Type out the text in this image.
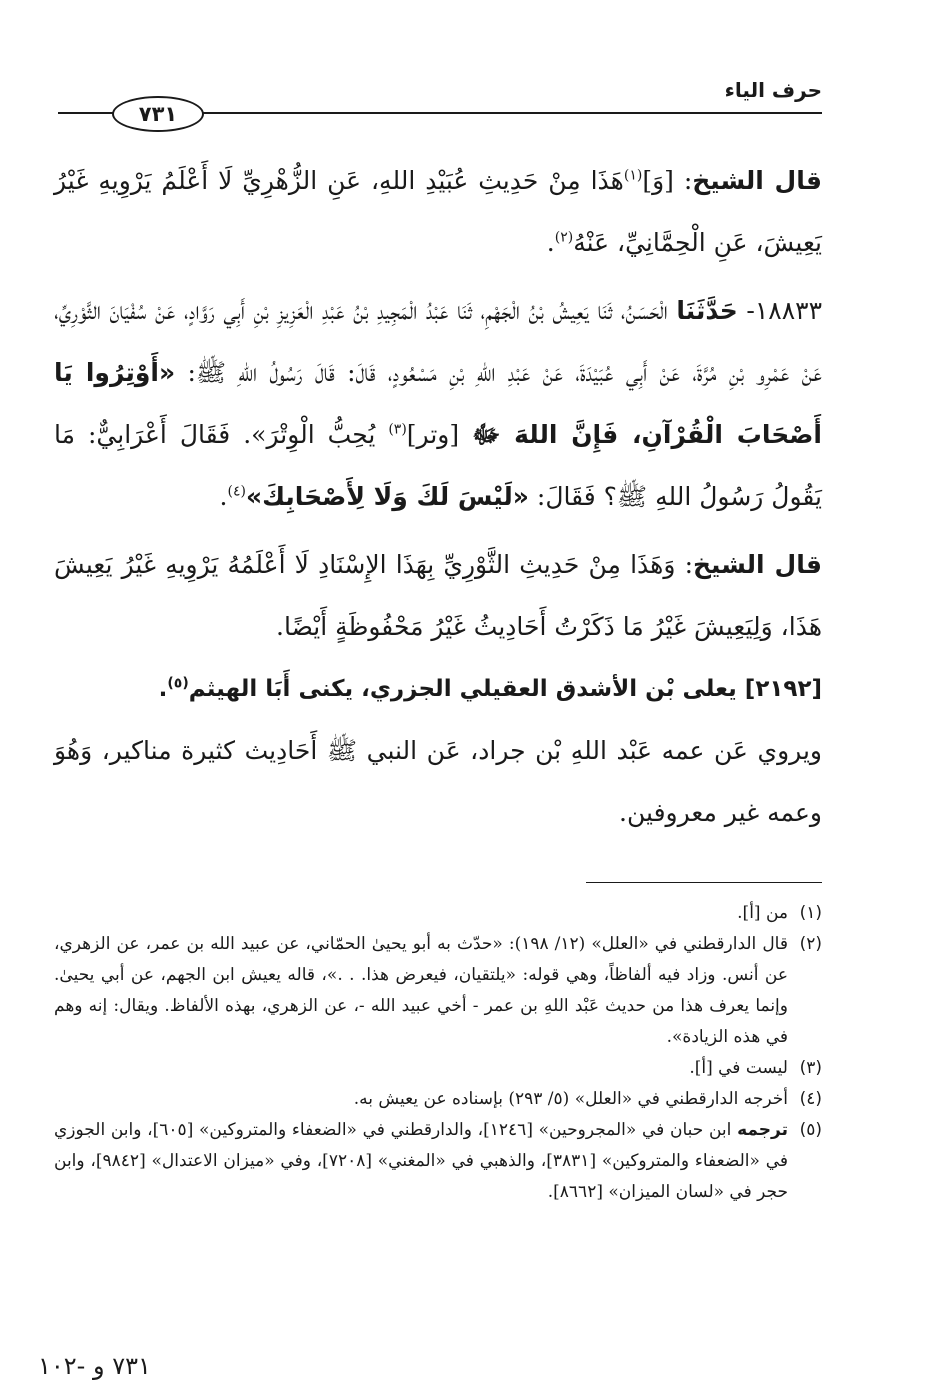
حرف الياء
٧٣١

قال الشيخ: [وَ]$^{(١)}$هَذَا مِنْ حَدِيثِ عُبَيْدِ اللهِ، عَنِ الزُّهْرِيِّ لَا أَعْلَمُ يَرْوِيهِ غَيْرُ يَعِيشَ، عَنِ الْحِمَّانِيِّ، عَنْهُ$^{(٢)}$.

١٨٨٣٣- حَدَّثَنَا الْحَسَنُ، ثَنَا يَعِيشُ بْنُ الْجَهْمِ، ثَنَا عَبْدُ الْمَجِيدِ بْنُ عَبْدِ الْعَزِيزِ بْنِ أَبِي رَوَّادٍ، عَنْ سُفْيَانَ الثَّوْرِيِّ، عَنْ عَمْرِو بْنِ مُرَّةَ، عَنْ أَبِي عُبَيْدَةَ، عَنْ عَبْدِ اللهِ بْنِ مَسْعُودٍ، قَالَ: قَالَ رَسُولُ اللهِ ﷺ: «أَوْتِرُوا يَا أَصْحَابَ الْقُرْآنِ، فَإِنَّ اللهَ ﷻ [وتر]$^{(٣)}$ يُحِبُّ الْوِتْرَ». فَقَالَ أَعْرَابِيٌّ: مَا يَقُولُ رَسُولُ اللهِ ﷺ؟ فَقَالَ: «لَيْسَ لَكَ وَلَا لِأَصْحَابِكَ»$^{(٤)}$.

قال الشيخ: وَهَذَا مِنْ حَدِيثِ الثَّوْرِيِّ بِهَذَا الإِسْنَادِ لَا أَعْلَمُهُ يَرْوِيهِ غَيْرُ يَعِيشَ هَذَا، وَلِيَعِيشَ غَيْرُ مَا ذَكَرْتُ أَحَادِيثُ غَيْرُ مَحْفُوظَةٍ أَيْضًا.

[٢١٩٢] يعلى بْن الأشدق العقيلي الجزري، يكنى أَبَا الهيثم$^{(٥)}$.

ويروي عَن عمه عَبْد اللهِ بْن جراد، عَن النبي ﷺ أَحَادِيث كثيرة مناكير، وَهُوَ وعمه غير معروفين.

(١)
من [أ].
(٢)
قال الدارقطني في «العلل» (١٢/ ١٩٨): «حدّث به أبو يحيىٰ الحمّاني، عن عبيد الله بن عمر، عن الزهري، عن أنس. وزاد فيه ألفاظاً، وهي قوله: «يلتقيان، فيعرض هذا. . .»، قاله يعيش ابن الجهم، عن أبي يحيىٰ. وإنما يعرف هذا من حديث عَبْد اللهِ بن عمر - أخي عبيد الله -، عن الزهري، بهذه الألفاظ. ويقال: إنه وهم في هذه الزيادة».
(٣)
ليست في [أ].
(٤)
أخرجه الدارقطني في «العلل» (٥/ ٢٩٣) بإسناده عن يعيش به.
(٥)
ترجمه ابن حبان في «المجروحين» [١٢٤٦]، والدارقطني في «الضعفاء والمتروكين» [٦٠٥]، وابن الجوزي في «الضعفاء والمتروكين» [٣٨٣١]، والذهبي في «المغني» [٧٢٠٨]، وفي «ميزان الاعتدال» [٩٨٤٢]، وابن حجر في «لسان الميزان» [٨٦٦٢].
٧٣١ و -١٠٢
